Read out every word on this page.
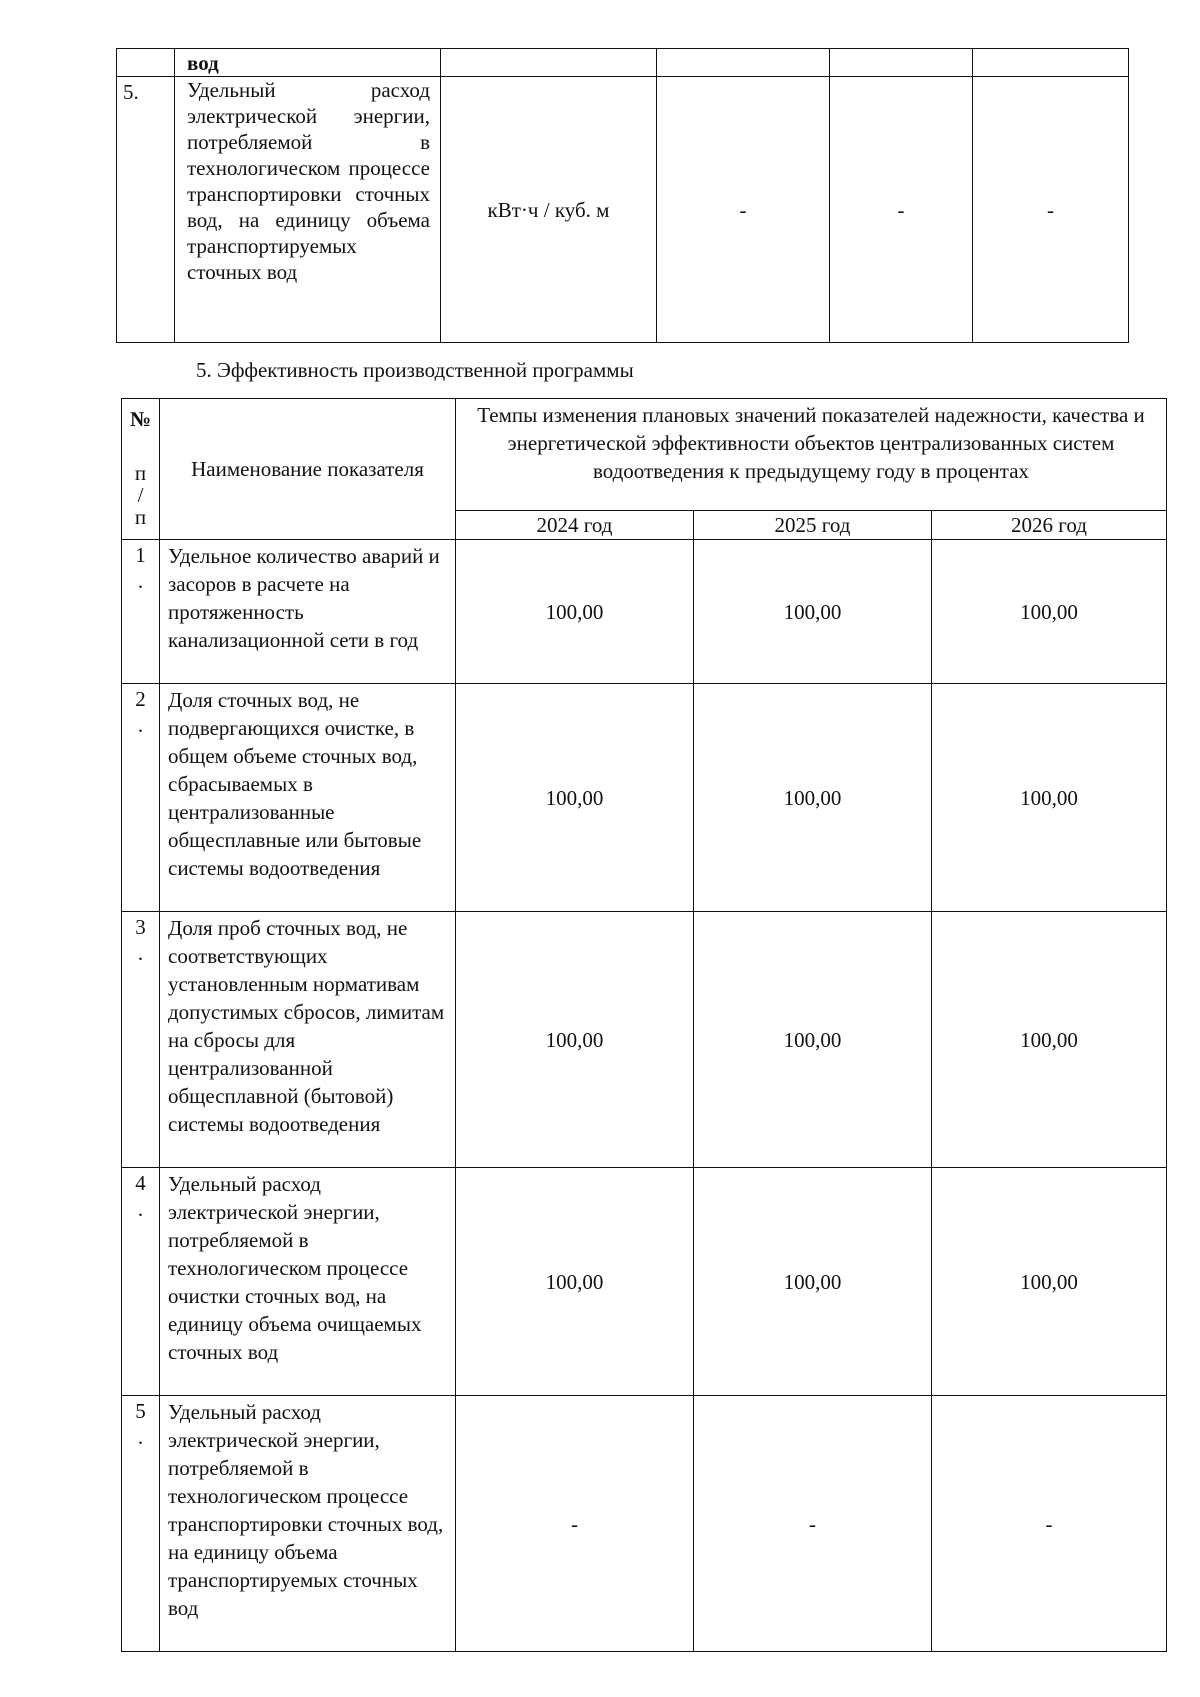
	вод				
5.	Удельный расход электрической энергии, потребляемой в технологическом процессе транспортировки сточных вод, на единицу объема транспортируемых сточных вод	кВт·ч / куб. м	-	-	-

5. Эффективность производственной программы

№
п
/
п	Наименование показателя	Темпы изменения плановых значений показателей надежности, качества и энергетической эффективности объектов централизованных систем водоотведения к предыдущему году в процентах		
		2024 год	2025 год	2026 год

1
.	Удельное количество аварий и засоров в расчете на протяженность канализационной сети в год	100,00	100,00	100,00

2
.	Доля сточных вод, не подвергающихся очистке, в общем объеме сточных вод, сбрасываемых в централизованные общесплавные или бытовые системы водоотведения	100,00	100,00	100,00

3
.	Доля проб сточных вод, не соответствующих установленным нормативам допустимых сбросов, лимитам на сбросы для централизованной общесплавной (бытовой) системы водоотведения	100,00	100,00	100,00

4
.	Удельный расход электрической энергии, потребляемой в технологическом процессе очистки сточных вод, на единицу объема очищаемых сточных вод	100,00	100,00	100,00

5
.	Удельный расход электрической энергии, потребляемой в технологическом процессе транспортировки сточных вод, на единицу объема транспортируемых сточных вод	-	-	-
